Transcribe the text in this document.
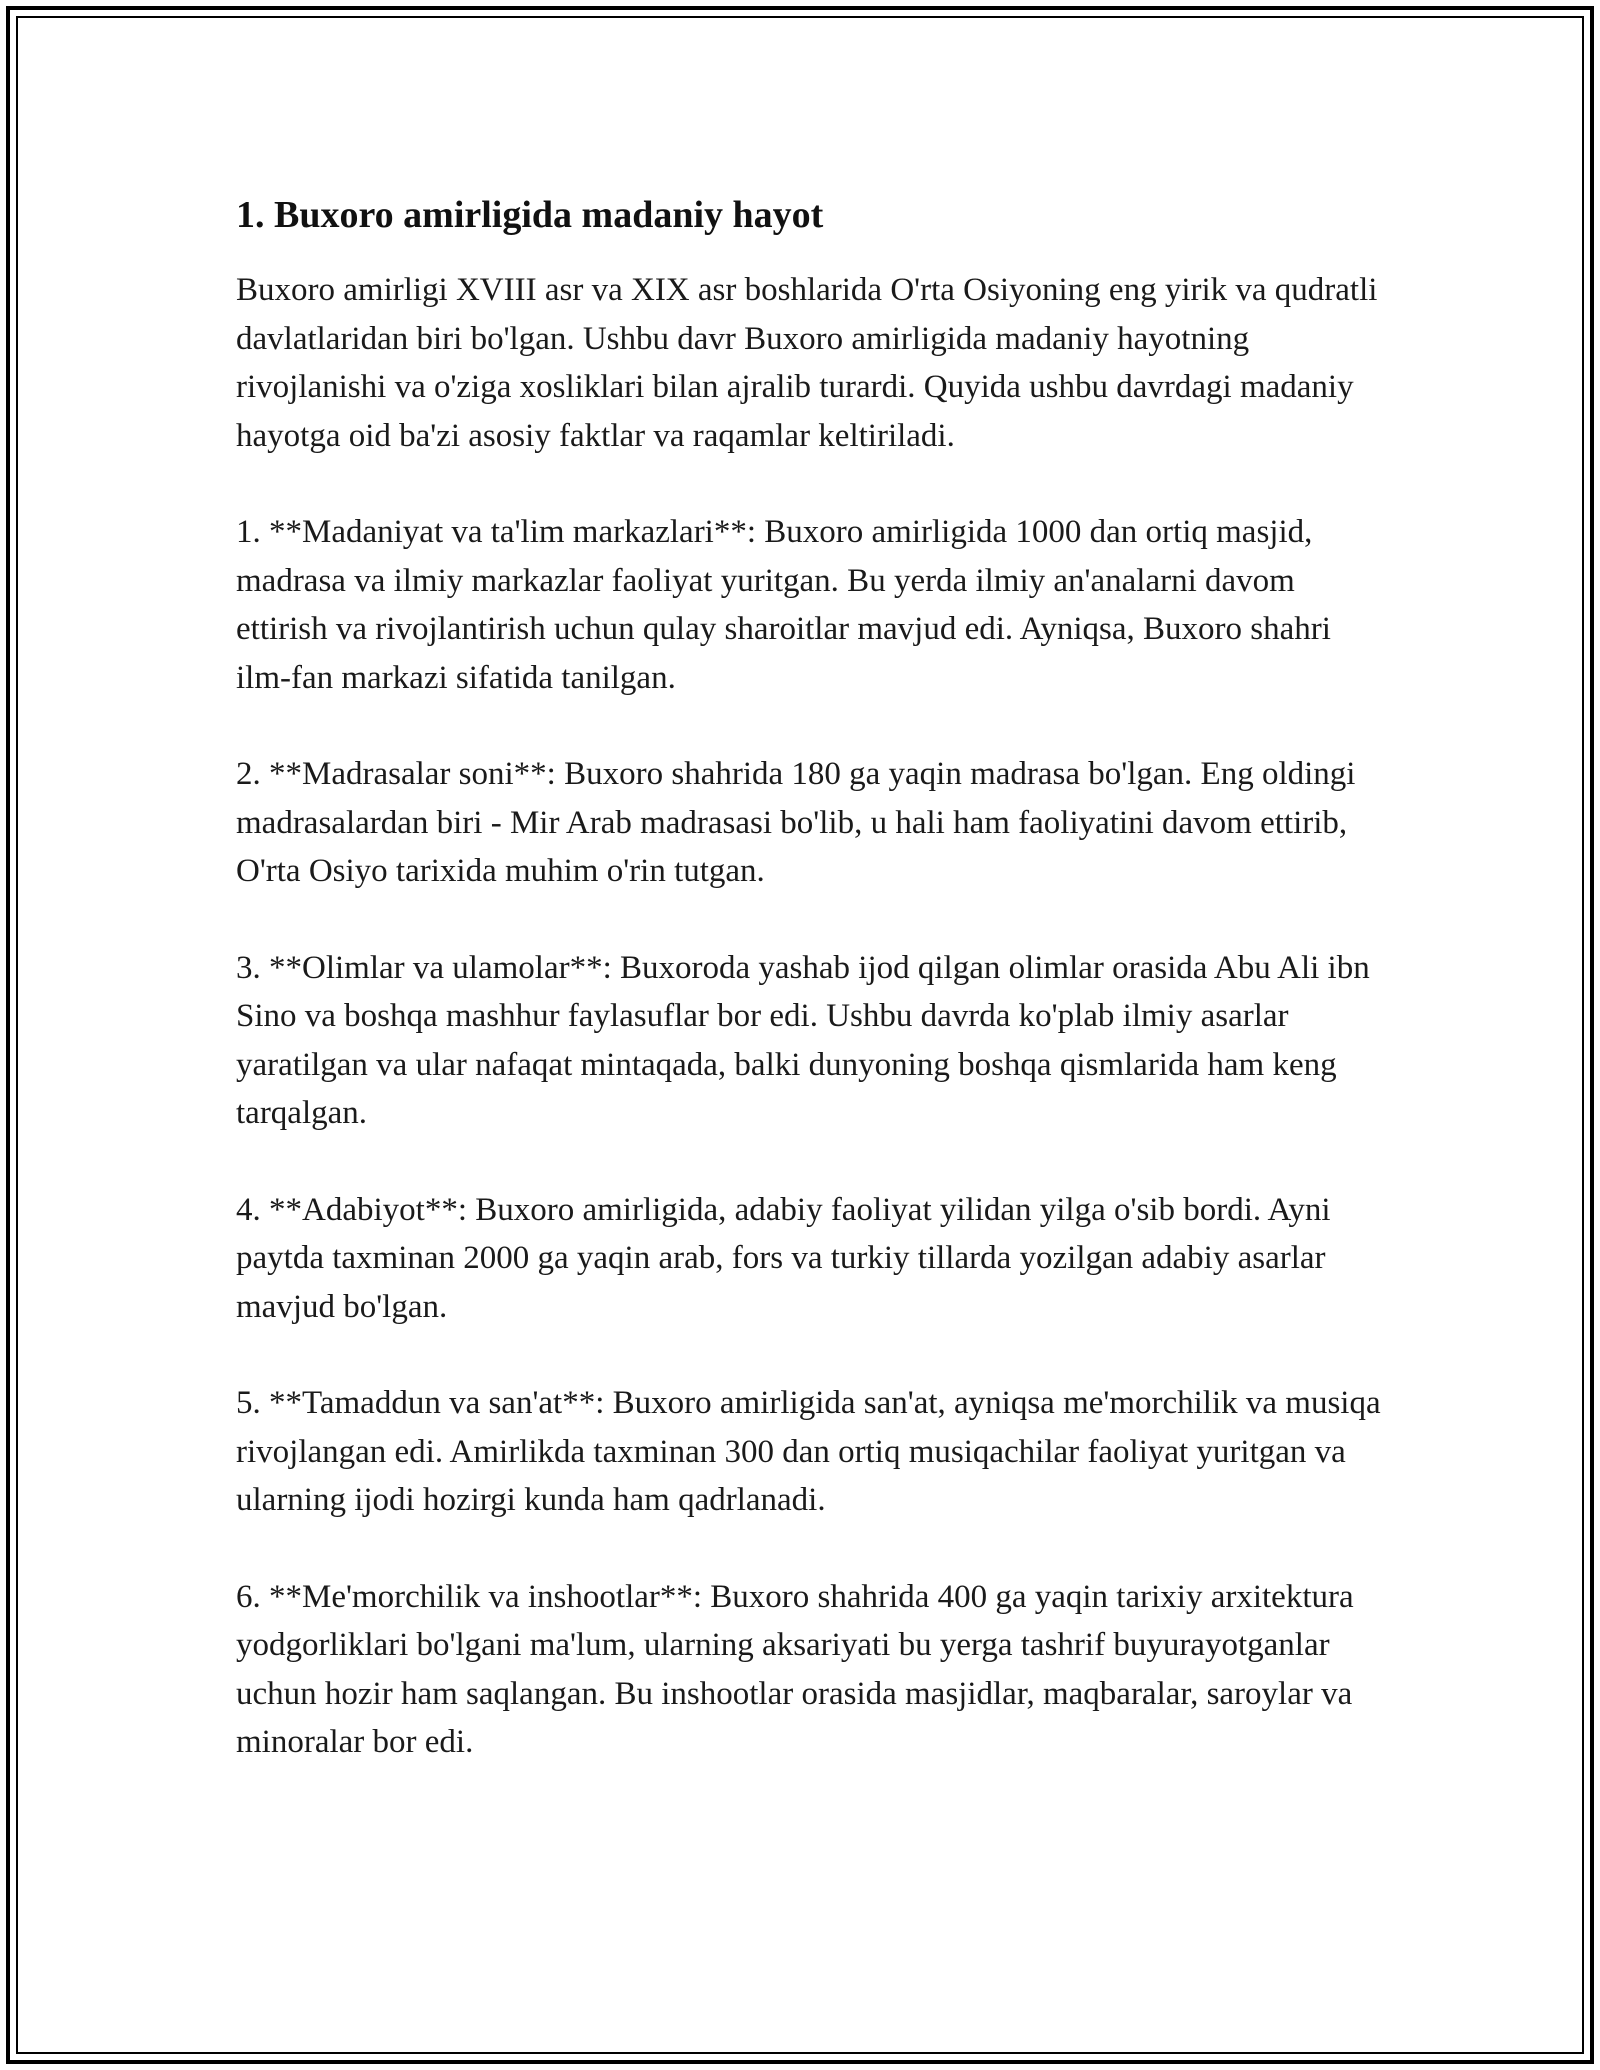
1. Buxoro amirligida madaniy hayot

Buxoro amirligi XVIII asr va XIX asr boshlarida O'rta Osiyoning eng yirik va qudratli davlatlaridan biri bo'lgan. Ushbu davr Buxoro amirligida madaniy hayotning rivojlanishi va o'ziga xosliklari bilan ajralib turardi. Quyida ushbu davrdagi madaniy hayotga oid ba'zi asosiy faktlar va raqamlar keltiriladi.

1. **Madaniyat va ta'lim markazlari**: Buxoro amirligida 1000 dan ortiq masjid, madrasa va ilmiy markazlar faoliyat yuritgan. Bu yerda ilmiy an'analarni davom ettirish va rivojlantirish uchun qulay sharoitlar mavjud edi. Ayniqsa, Buxoro shahri ilm-fan markazi sifatida tanilgan.

2. **Madrasalar soni**: Buxoro shahrida 180 ga yaqin madrasa bo'lgan. Eng oldingi madrasalardan biri - Mir Arab madrasasi bo'lib, u hali ham faoliyatini davom ettirib, O'rta Osiyo tarixida muhim o'rin tutgan.

3. **Olimlar va ulamolar**: Buxoroda yashab ijod qilgan olimlar orasida Abu Ali ibn Sino va boshqa mashhur faylasuflar bor edi. Ushbu davrda ko'plab ilmiy asarlar yaratilgan va ular nafaqat mintaqada, balki dunyoning boshqa qismlarida ham keng tarqalgan.

4. **Adabiyot**: Buxoro amirligida, adabiy faoliyat yilidan yilga o'sib bordi. Ayni paytda taxminan 2000 ga yaqin arab, fors va turkiy tillarda yozilgan adabiy asarlar mavjud bo'lgan.

5. **Tamaddun va san'at**: Buxoro amirligida san'at, ayniqsa me'morchilik va musiqa rivojlangan edi. Amirlikda taxminan 300 dan ortiq musiqachilar faoliyat yuritgan va ularning ijodi hozirgi kunda ham qadrlanadi.

6. **Me'morchilik va inshootlar**: Buxoro shahrida 400 ga yaqin tarixiy arxitektura yodgorliklari bo'lgani ma'lum, ularning aksariyati bu yerga tashrif buyurayotganlar uchun hozir ham saqlangan. Bu inshootlar orasida masjidlar, maqbaralar, saroylar va minoralar bor edi.
